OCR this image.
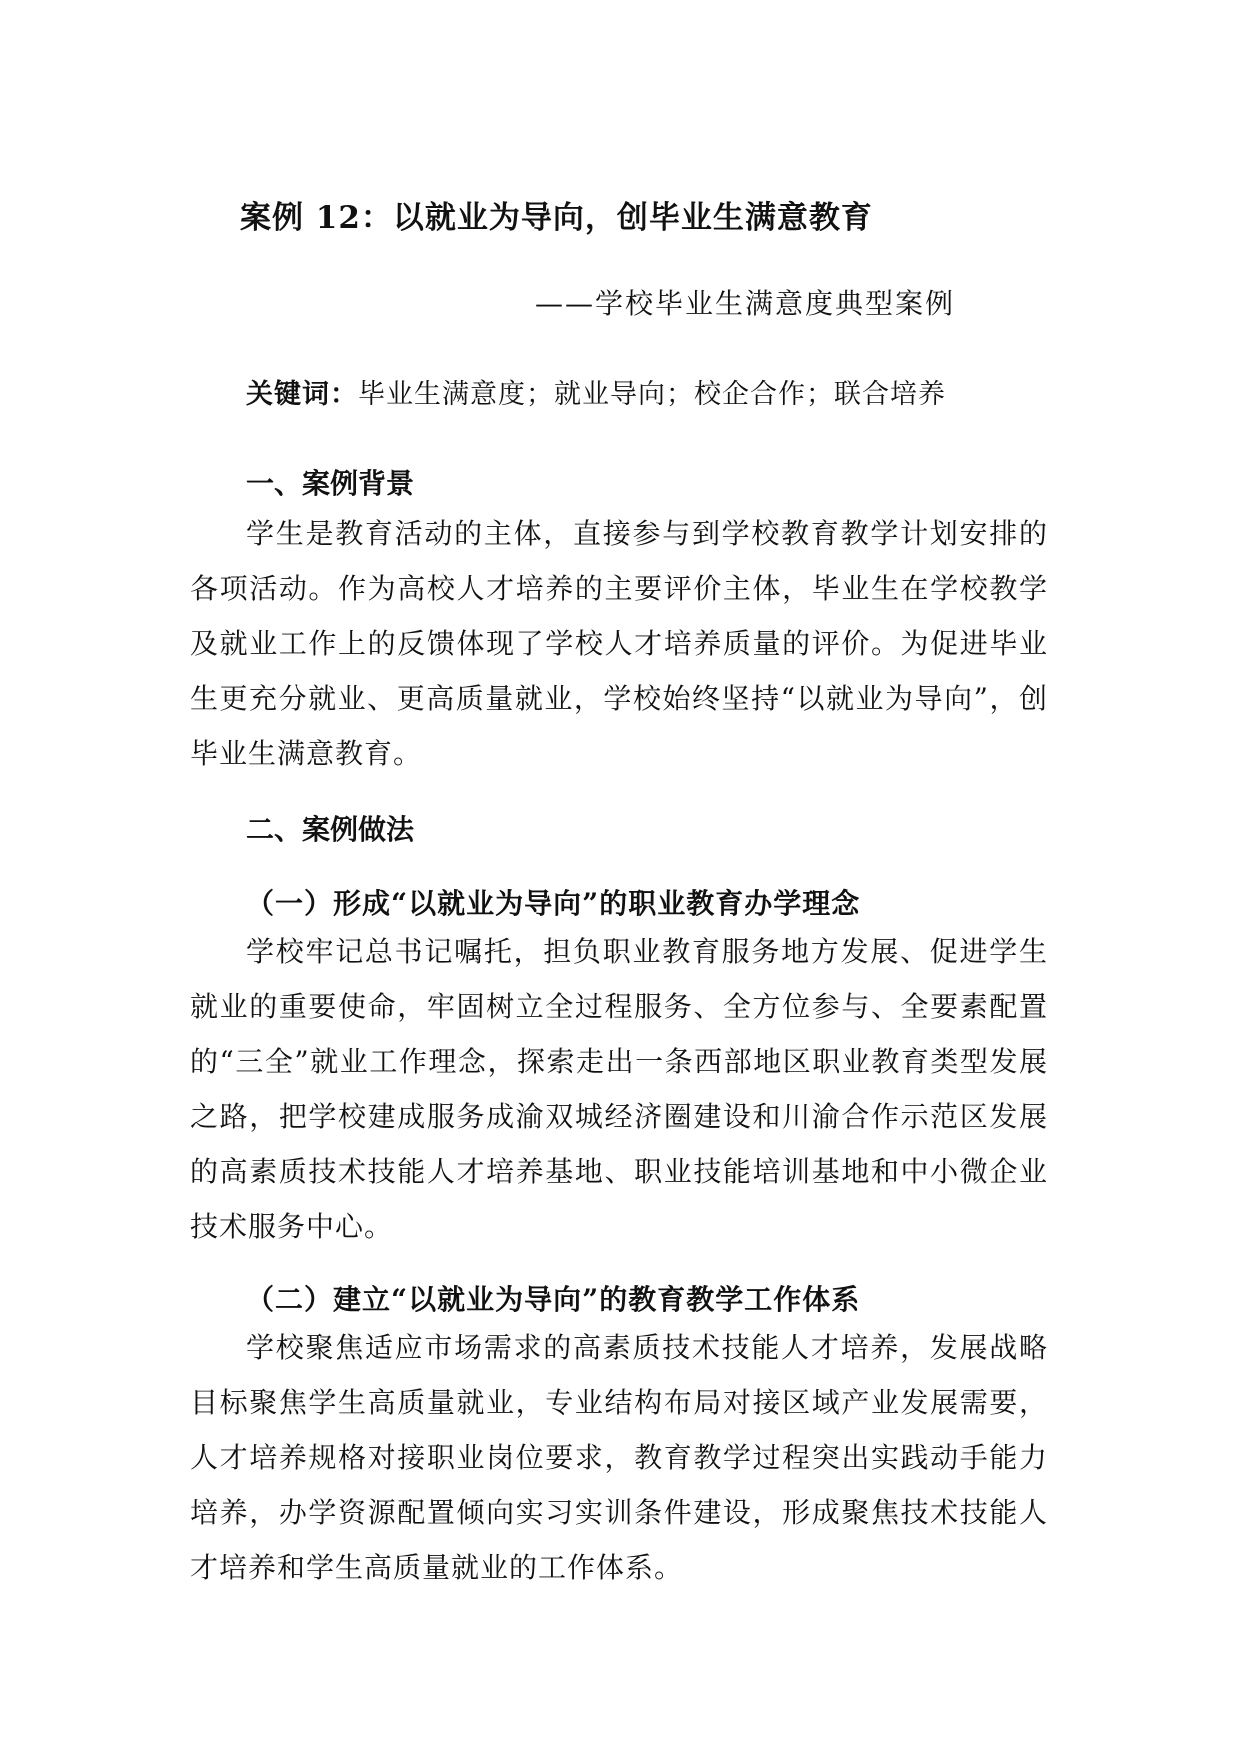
案例 12：以就业为导向，创毕业生满意教育
——学校毕业生满意度典型案例
关键词：毕业生满意度；就业导向；校企合作；联合培养
一、案例背景

学生是教育活动的主体，直接参与到学校教育教学计划安排的各项活动。作为高校人才培养的主要评价主体，毕业生在学校教学及就业工作上的反馈体现了学校人才培养质量的评价。为促进毕业生更充分就业、更高质量就业，学校始终坚持“以就业为导向”，创毕业生满意教育。

二、案例做法
（一）形成“以就业为导向”的职业教育办学理念

学校牢记总书记嘱托，担负职业教育服务地方发展、促进学生就业的重要使命，牢固树立全过程服务、全方位参与、全要素配置的“三全”就业工作理念，探索走出一条西部地区职业教育类型发展之路，把学校建成服务成渝双城经济圈建设和川渝合作示范区发展的高素质技术技能人才培养基地、职业技能培训基地和中小微企业技术服务中心。

（二）建立“以就业为导向”的教育教学工作体系

学校聚焦适应市场需求的高素质技术技能人才培养，发展战略目标聚焦学生高质量就业，专业结构布局对接区域产业发展需要，人才培养规格对接职业岗位要求，教育教学过程突出实践动手能力培养，办学资源配置倾向实习实训条件建设，形成聚焦技术技能人才培养和学生高质量就业的工作体系。
